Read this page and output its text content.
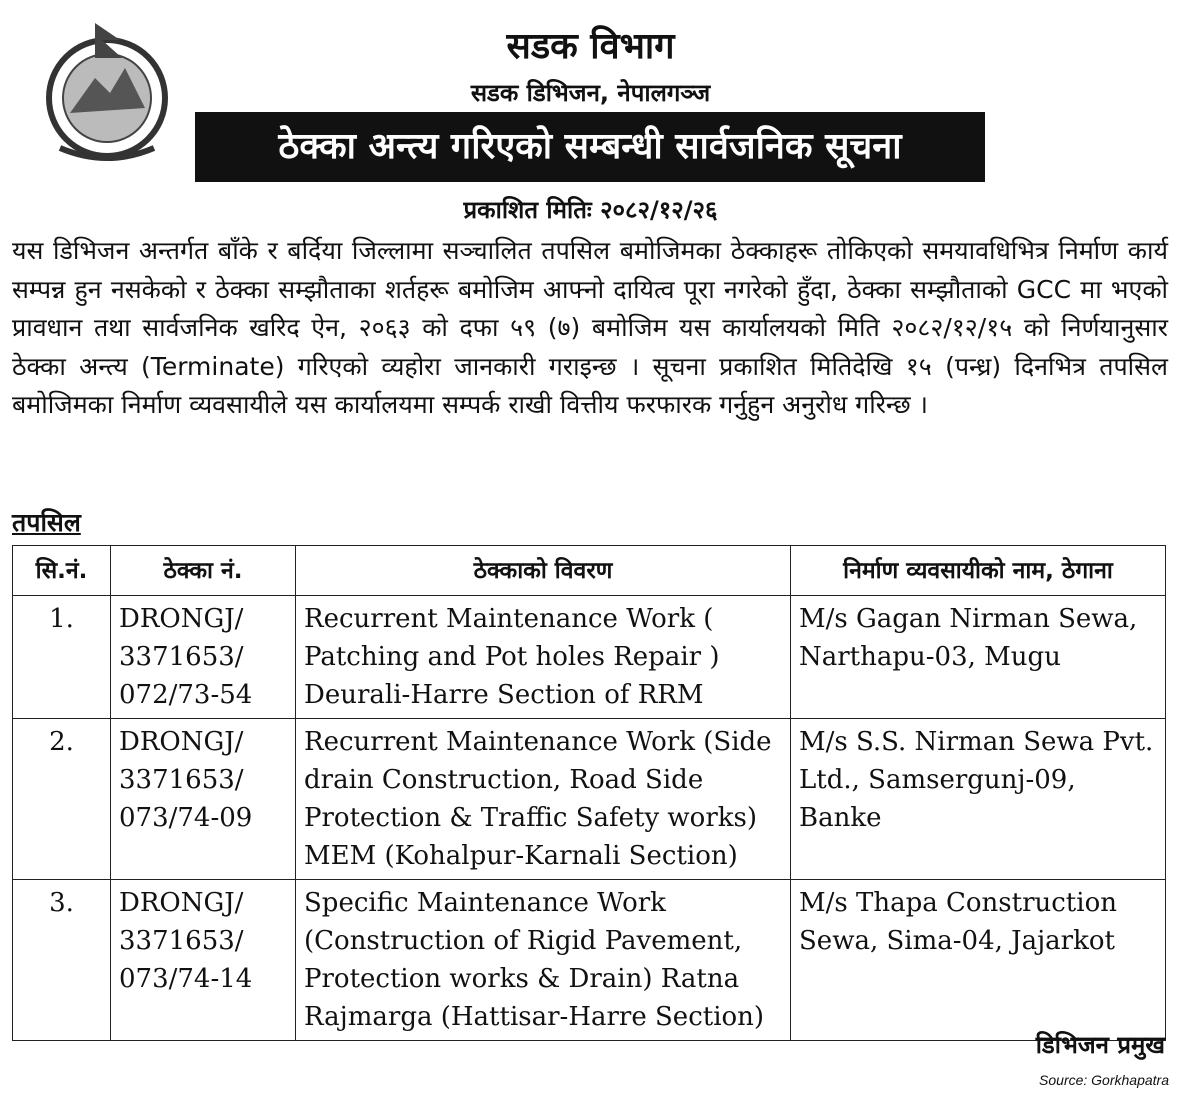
सडक विभाग
सडक डिभिजन, नेपालगञ्ज
ठेक्का अन्त्य गरिएको सम्बन्धी सार्वजनिक सूचना
प्रकाशित मितिः २०८२/१२/२६

यस डिभिजन अन्तर्गत बाँके र बर्दिया जिल्लामा सञ्चालित तपसिल बमोजिमका ठेक्काहरू तोकिएको समयावधिभित्र निर्माण कार्य सम्पन्न हुन नसकेको र ठेक्का सम्झौताका शर्तहरू बमोजिम आफ्नो दायित्व पूरा नगरेको हुँदा, ठेक्का सम्झौताको GCC मा भएको प्रावधान तथा सार्वजनिक खरिद ऐन, २०६३ को दफा ५९ (७) बमोजिम यस कार्यालयको मिति २०८२/१२/१५ को निर्णयानुसार ठेक्का अन्त्य (Terminate) गरिएको व्यहोरा जानकारी गराइन्छ । सूचना प्रकाशित मितिदेखि १५ (पन्ध्र) दिनभित्र तपसिल बमोजिमका निर्माण व्यवसायीले यस कार्यालयमा सम्पर्क राखी वित्तीय फरफारक गर्नुहुन अनुरोध गरिन्छ ।

तपसिल
सि.नं.	ठेक्का नं.	ठेक्काको विवरण	निर्माण व्यवसायीको नाम, ठेगाना
1.	DRONGJ/ 3371653/ 072/73-54	Recurrent Maintenance Work ( Patching and Pot holes Repair ) Deurali-Harre Section of RRM	M/s Gagan Nirman Sewa, Narthapu-03, Mugu
2.	DRONGJ/ 3371653/ 073/74-09	Recurrent Maintenance Work (Side drain Construction, Road Side Protection & Traffic Safety works) MEM (Kohalpur-Karnali Section)	M/s S.S. Nirman Sewa Pvt. Ltd., Samsergunj-09, Banke
3.	DRONGJ/ 3371653/ 073/74-14	Specific Maintenance Work (Construction of Rigid Pavement, Protection works & Drain) Ratna Rajmarga (Hattisar-Harre Section)	M/s Thapa Construction Sewa, Sima-04, Jajarkot
डिभिजन प्रमुख
Source: Gorkhapatra
